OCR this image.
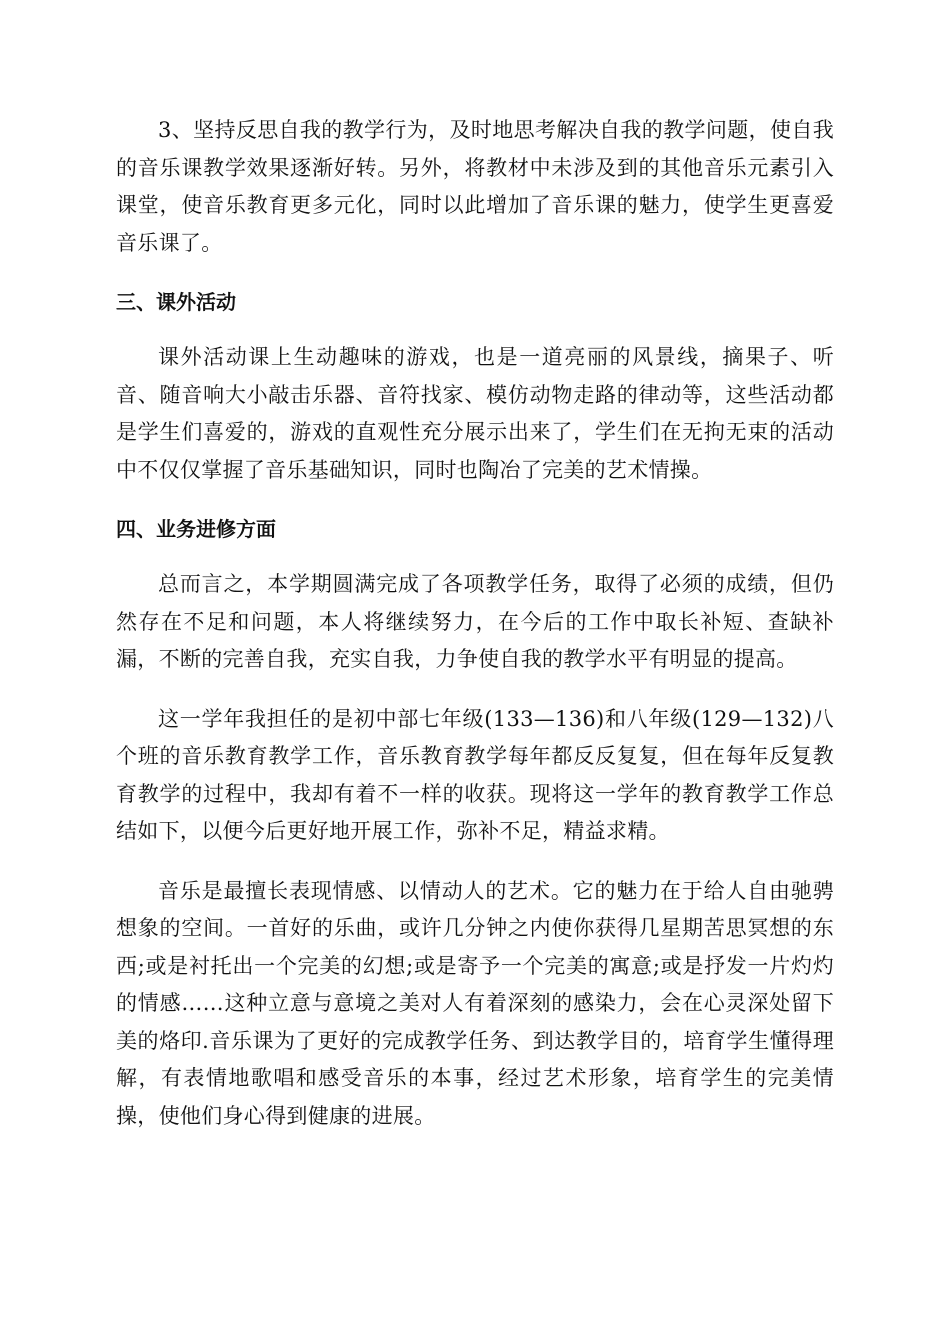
3、坚持反思自我的教学行为，及时地思考解决自我的教学问题，使自我的音乐课教学效果逐渐好转。另外，将教材中未涉及到的其他音乐元素引入课堂，使音乐教育更多元化，同时以此增加了音乐课的魅力，使学生更喜爱音乐课了。

三、课外活动

课外活动课上生动趣味的游戏，也是一道亮丽的风景线，摘果子、听音、随音响大小敲击乐器、音符找家、模仿动物走路的律动等，这些活动都是学生们喜爱的，游戏的直观性充分展示出来了，学生们在无拘无束的活动中不仅仅掌握了音乐基础知识，同时也陶冶了完美的艺术情操。

四、业务进修方面

总而言之，本学期圆满完成了各项教学任务，取得了必须的成绩，但仍然存在不足和问题，本人将继续努力，在今后的工作中取长补短、查缺补漏，不断的完善自我，充实自我，力争使自我的教学水平有明显的提高。

这一学年我担任的是初中部七年级(133—136)和八年级(129—132)八个班的音乐教育教学工作，音乐教育教学每年都反反复复，但在每年反复教育教学的过程中，我却有着不一样的收获。现将这一学年的教育教学工作总结如下，以便今后更好地开展工作，弥补不足，精益求精。

音乐是最擅长表现情感、以情动人的艺术。它的魅力在于给人自由驰骋想象的空间。一首好的乐曲，或许几分钟之内使你获得几星期苦思冥想的东西;或是衬托出一个完美的幻想;或是寄予一个完美的寓意;或是抒发一片灼灼的情感……这种立意与意境之美对人有着深刻的感染力，会在心灵深处留下美的烙印.音乐课为了更好的完成教学任务、到达教学目的，培育学生懂得理解，有表情地歌唱和感受音乐的本事，经过艺术形象，培育学生的完美情操，使他们身心得到健康的进展。
